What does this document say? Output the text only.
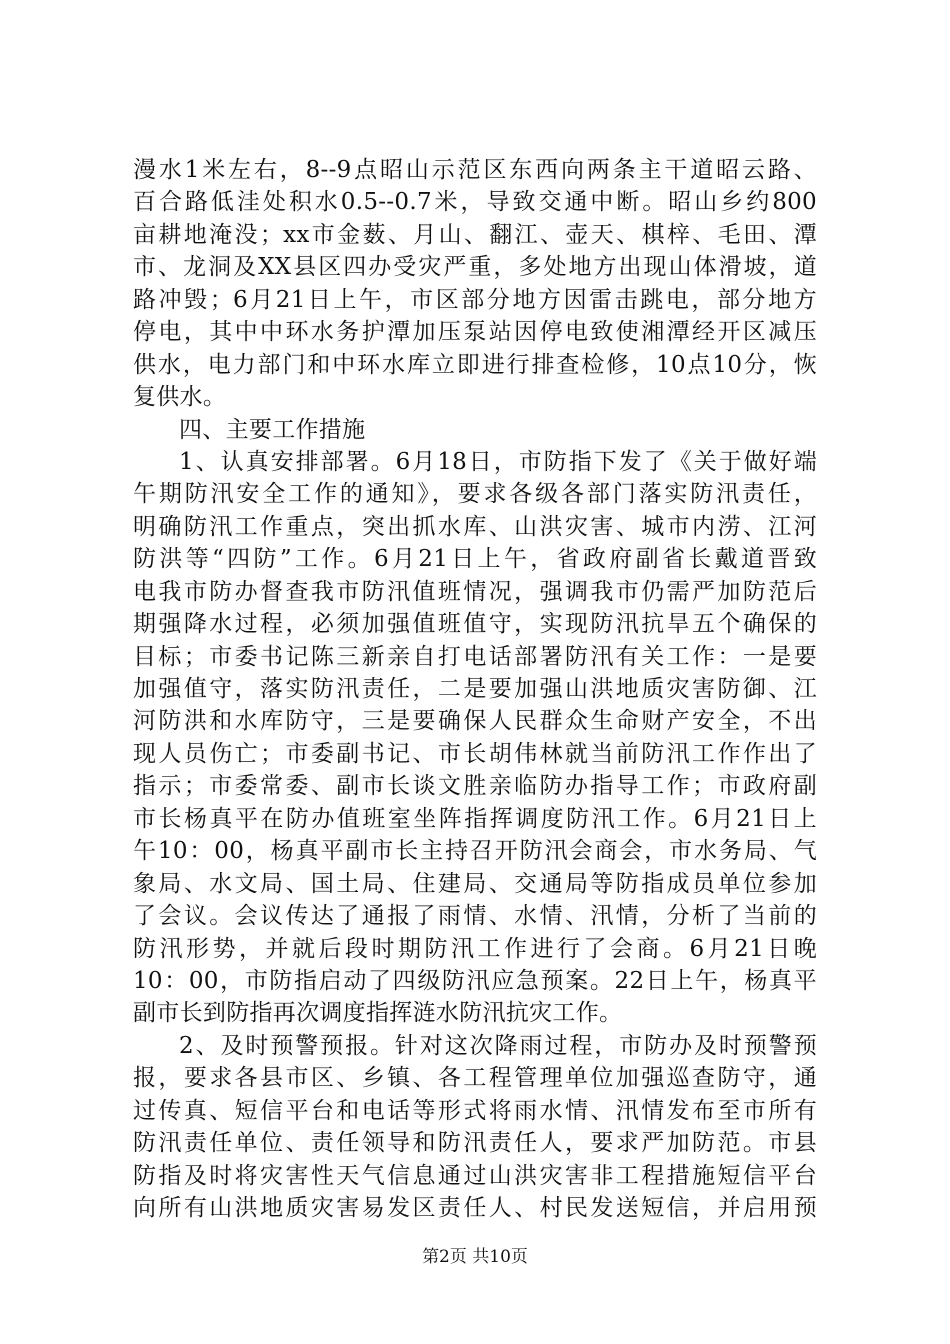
漫水1米左右，8--9点昭山示范区东西向两条主干道昭云路、
百合路低洼处积水0.5--0.7米，导致交通中断。昭山乡约800
亩耕地淹没；xx市金薮、月山、翻江、壶天、棋梓、毛田、潭
市、龙洞及XX县区四办受灾严重，多处地方出现山体滑坡，道
路冲毁；6月21日上午，市区部分地方因雷击跳电，部分地方
停电，其中中环水务护潭加压泵站因停电致使湘潭经开区减压
供水，电力部门和中环水库立即进行排查检修，10点10分，恢
复供水。
四、主要工作措施
1、认真安排部署。6月18日，市防指下发了《关于做好端
午期防汛安全工作的通知》，要求各级各部门落实防汛责任，
明确防汛工作重点，突出抓水库、山洪灾害、城市内涝、江河
防洪等“四防”工作。6月21日上午，省政府副省长戴道晋致
电我市防办督查我市防汛值班情况，强调我市仍需严加防范后
期强降水过程，必须加强值班值守，实现防汛抗旱五个确保的
目标；市委书记陈三新亲自打电话部署防汛有关工作：一是要
加强值守，落实防汛责任，二是要加强山洪地质灾害防御、江
河防洪和水库防守，三是要确保人民群众生命财产安全，不出
现人员伤亡；市委副书记、市长胡伟林就当前防汛工作作出了
指示；市委常委、副市长谈文胜亲临防办指导工作；市政府副
市长杨真平在防办值班室坐阵指挥调度防汛工作。6月21日上
午10：00，杨真平副市长主持召开防汛会商会，市水务局、气
象局、水文局、国土局、住建局、交通局等防指成员单位参加
了会议。会议传达了通报了雨情、水情、汛情，分析了当前的
防汛形势，并就后段时期防汛工作进行了会商。6月21日晚
10：00，市防指启动了四级防汛应急预案。22日上午，杨真平
副市长到防指再次调度指挥涟水防汛抗灾工作。
2、及时预警预报。针对这次降雨过程，市防办及时预警预
报，要求各县市区、乡镇、各工程管理单位加强巡查防守，通
过传真、短信平台和电话等形式将雨水情、汛情发布至市所有
防汛责任单位、责任领导和防汛责任人，要求严加防范。市县
防指及时将灾害性天气信息通过山洪灾害非工程措施短信平台
向所有山洪地质灾害易发区责任人、村民发送短信，并启用预
第2页 共10页
